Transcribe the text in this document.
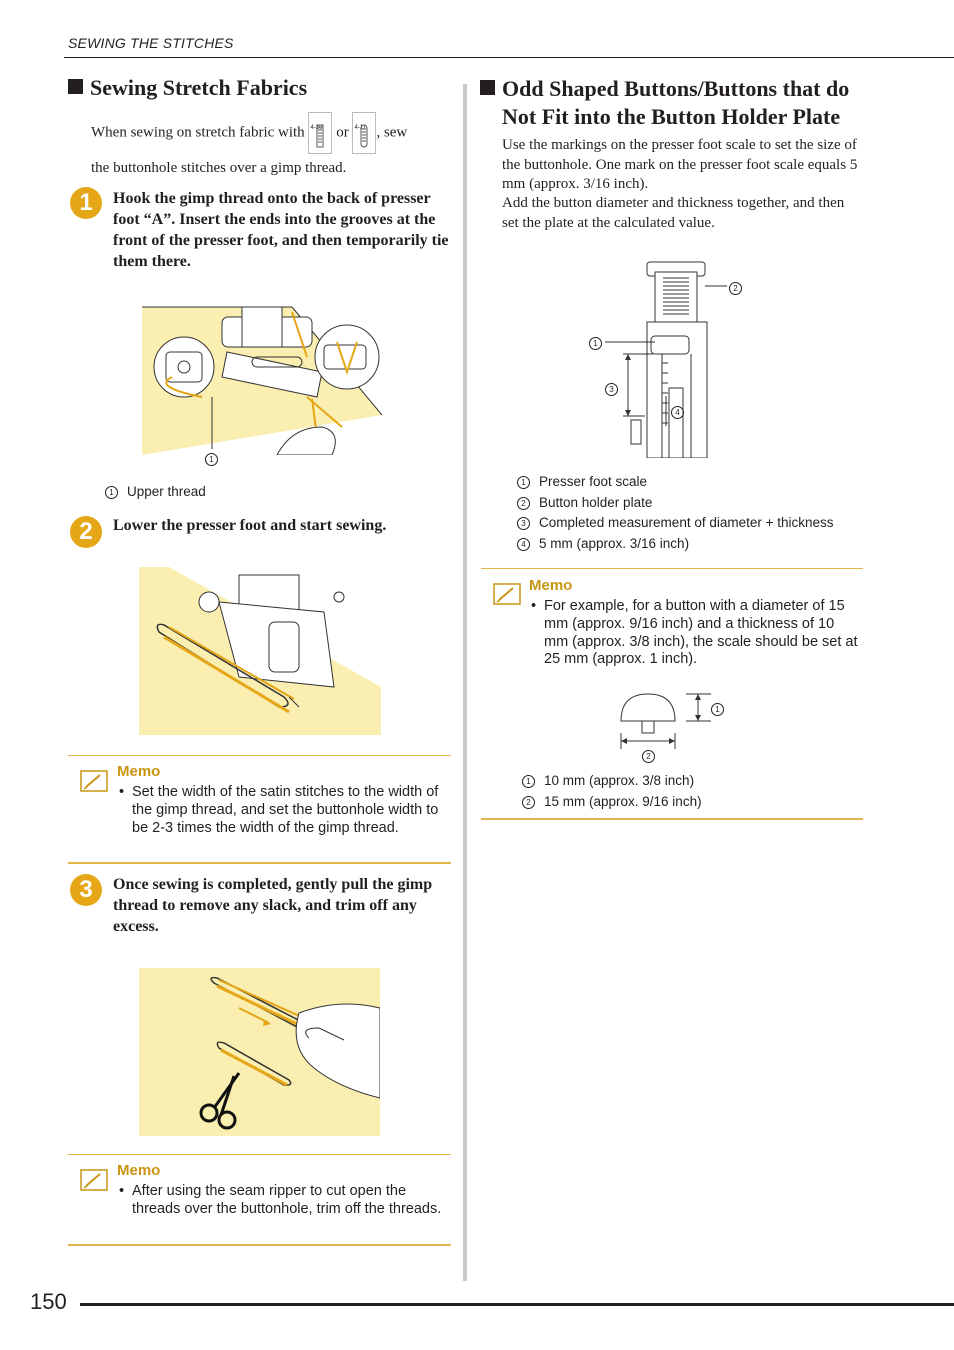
SEWING THE STITCHES
Sewing Stretch Fabrics
When sewing on stretch fabric with 4-10 or 4-11 , sew
the buttonhole stitches over a gimp thread.
1	Hook the gimp thread onto the back of presser foot “A”. Insert the ends into the grooves at the front of the presser foot, and then temporarily tie them there.
1
1 Upper thread
2	Lower the presser foot and start sewing.
Memo
• Set the width of the satin stitches to the width of the gimp thread, and set the buttonhole width to be 2-3 times the width of the gimp thread.
3	Once sewing is completed, gently pull the gimp thread to remove any slack, and trim off any excess.
Memo
• After using the seam ripper to cut open the threads over the buttonhole, trim off the threads.
Odd Shaped Buttons/Buttons that do
Not Fit into the Button Holder Plate
Use the markings on the presser foot scale to set the size of the buttonhole. One mark on the presser foot scale equals 5 mm (approx. 3/16 inch).
Add the button diameter and thickness together, and then set the plate at the calculated value.
2
1
3
4
1 Presser foot scale
2 Button holder plate
3 Completed measurement of diameter + thickness
4 5 mm (approx. 3/16 inch)
Memo
• For example, for a button with a diameter of 15 mm (approx. 9/16 inch) and a thickness of 10 mm (approx. 3/8 inch), the scale should be set at 25 mm (approx. 1 inch).
1
2
1 10 mm (approx. 3/8 inch)
2 15 mm (approx. 9/16 inch)
150
